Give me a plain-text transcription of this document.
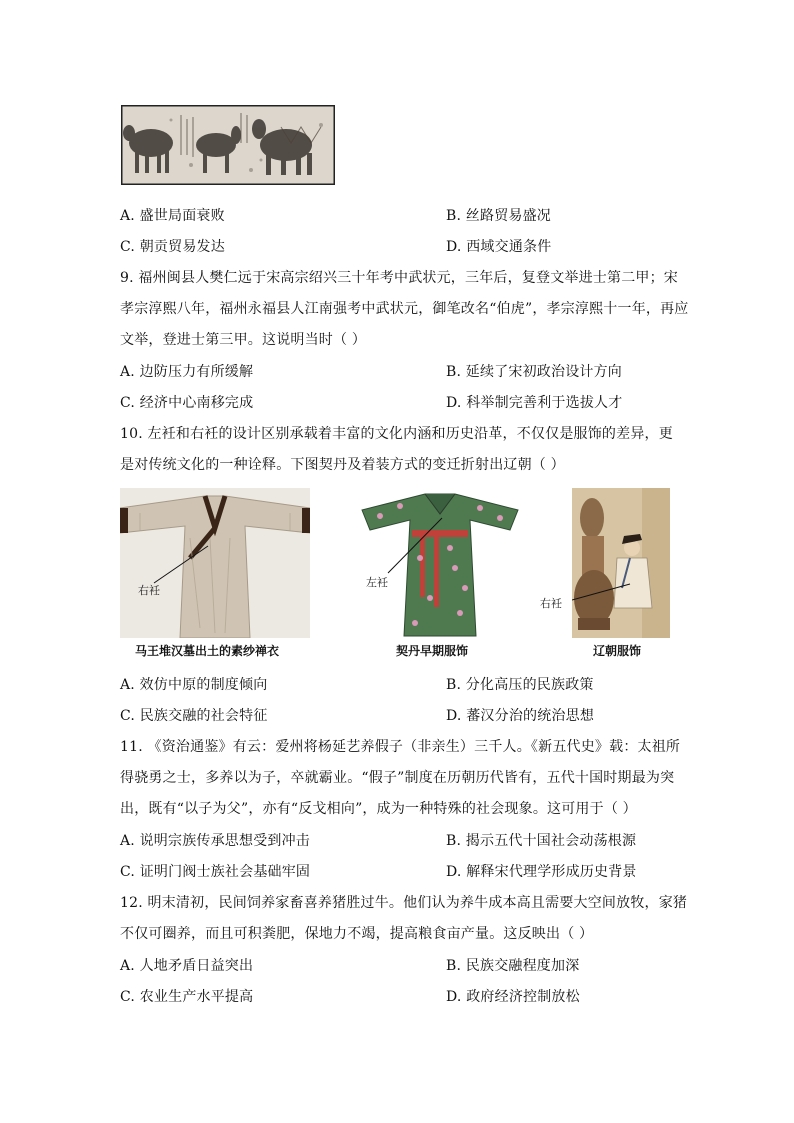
A. 盛世局面衰败	B. 丝路贸易盛况
C. 朝贡贸易发达	D. 西域交通条件
9. 福州闽县人樊仁远于宋高宗绍兴三十年考中武状元，三年后，复登文举进士第二甲；宋
孝宗淳熙八年，福州永福县人江南强考中武状元，御笔改名“伯虎”，孝宗淳熙十一年，再应
文举，登进士第三甲。这说明当时（ ）
A. 边防压力有所缓解	B. 延续了宋初政治设计方向
C. 经济中心南移完成	D. 科举制完善利于选拔人才
10. 左衽和右衽的设计区别承载着丰富的文化内涵和历史沿革，不仅仅是服饰的差异，更
是对传统文化的一种诠释。下图契丹及着装方式的变迁折射出辽朝（ ）
右衽
马王堆汉墓出土的素纱禅衣
左衽
契丹早期服饰
右衽
辽朝服饰
A. 效仿中原的制度倾向	B. 分化高压的民族政策
C. 民族交融的社会特征	D. 蕃汉分治的统治思想
11. 《资治通鉴》有云：爱州将杨延艺养假子（非亲生）三千人。《新五代史》载：太祖所
得骁勇之士，多养以为子，卒就霸业。“假子”制度在历朝历代皆有，五代十国时期最为突
出，既有“以子为父”，亦有“反戈相向”，成为一种特殊的社会现象。这可用于（ ）
A. 说明宗族传承思想受到冲击	B. 揭示五代十国社会动荡根源
C. 证明门阀士族社会基础牢固	D. 解释宋代理学形成历史背景
12. 明末清初，民间饲养家畜喜养猪胜过牛。他们认为养牛成本高且需要大空间放牧，家猪
不仅可圈养，而且可积粪肥，保地力不竭，提高粮食亩产量。这反映出（ ）
A. 人地矛盾日益突出	B. 民族交融程度加深
C. 农业生产水平提高	D. 政府经济控制放松
